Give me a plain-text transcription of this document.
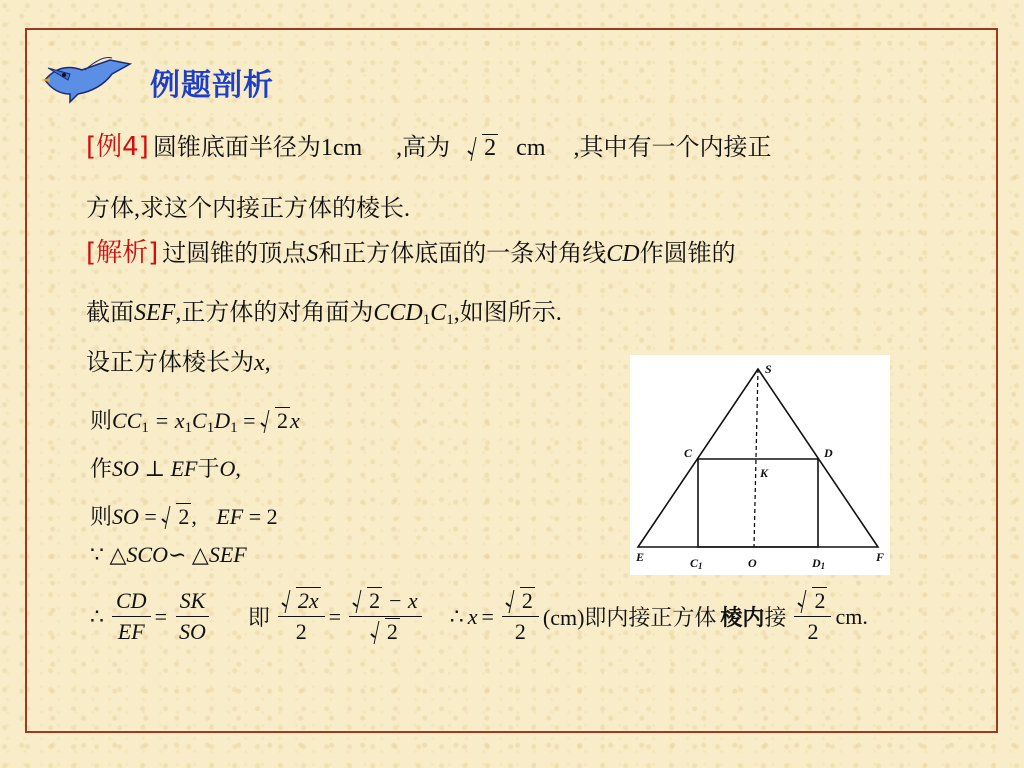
例题剖析
[例4] 圆锥底面半径为1cm ,高为 2 cm ,其中有一个内接正
方体,求这个内接正方体的棱长.
[解析] 过圆锥的顶点S和正方体底面的一条对角线CD作圆锥的
截面SEF,正方体的对角面为$CCD_1C_1$,如图所示.
设正方体棱长为x,	S
C	D
K
E	C1	O	D1
F
则$CC_1 = x_1C_1D_1 = 2x$
作SO ⊥ EF于O,
则SO = 2, EF = 2
∵ △SCO∽ △SEF
∴ $\frac{CD}{EF} = \frac{SK}{SO}$ 即 $\frac{2x}{2} = \frac{2 - x}{2}$ ∴ $x = \frac{2}{2} (cm)$即内接正方体 棱内 接 $\frac{2}{2}$ cm.
